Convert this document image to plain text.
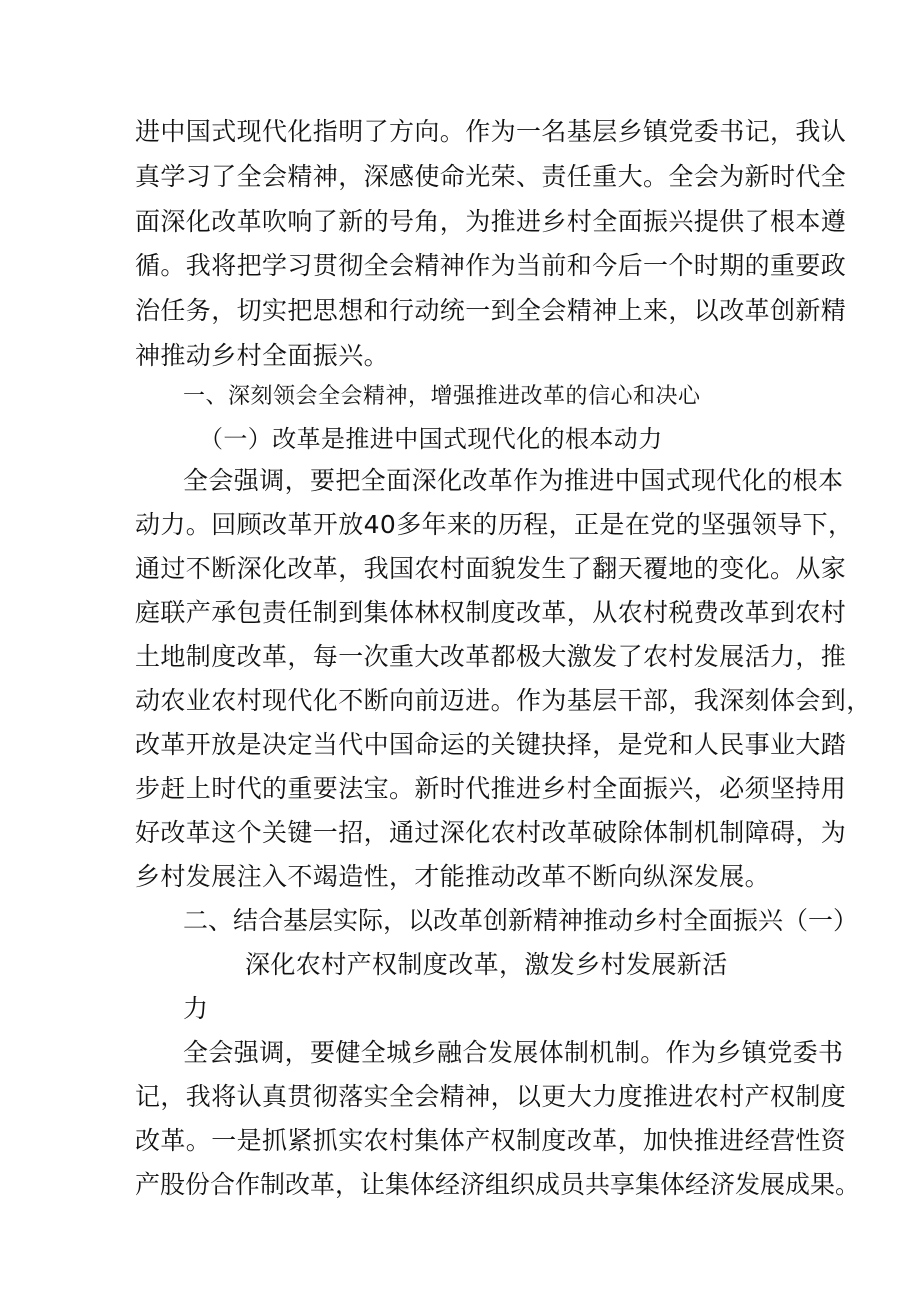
进中国式现代化指明了方向。作为一名基层乡镇党委书记，我认
真学习了全会精神，深感使命光荣、责任重大。全会为新时代全
面深化改革吹响了新的号角，为推进乡村全面振兴提供了根本遵
循。我将把学习贯彻全会精神作为当前和今后一个时期的重要政
治任务，切实把思想和行动统一到全会精神上来，以改革创新精
神推动乡村全面振兴。
一、深刻领会全会精神，增强推进改革的信心和决心
（一）改革是推进中国式现代化的根本动力
全会强调，要把全面深化改革作为推进中国式现代化的根本
动力。回顾改革开放40多年来的历程，正是在党的坚强领导下，
通过不断深化改革，我国农村面貌发生了翻天覆地的变化。从家
庭联产承包责任制到集体林权制度改革，从农村税费改革到农村
土地制度改革，每一次重大改革都极大激发了农村发展活力，推
动农业农村现代化不断向前迈进。作为基层干部，我深刻体会到，
改革开放是决定当代中国命运的关键抉择，是党和人民事业大踏
步赶上时代的重要法宝。新时代推进乡村全面振兴，必须坚持用
好改革这个关键一招，通过深化农村改革破除体制机制障碍，为
乡村发展注入不竭造性，才能推动改革不断向纵深发展。
二、结合基层实际，以改革创新精神推动乡村全面振兴（一）
深化农村产权制度改革，激发乡村发展新活
力
全会强调，要健全城乡融合发展体制机制。作为乡镇党委书
记，我将认真贯彻落实全会精神，以更大力度推进农村产权制度
改革。一是抓紧抓实农村集体产权制度改革，加快推进经营性资
产股份合作制改革，让集体经济组织成员共享集体经济发展成果。
